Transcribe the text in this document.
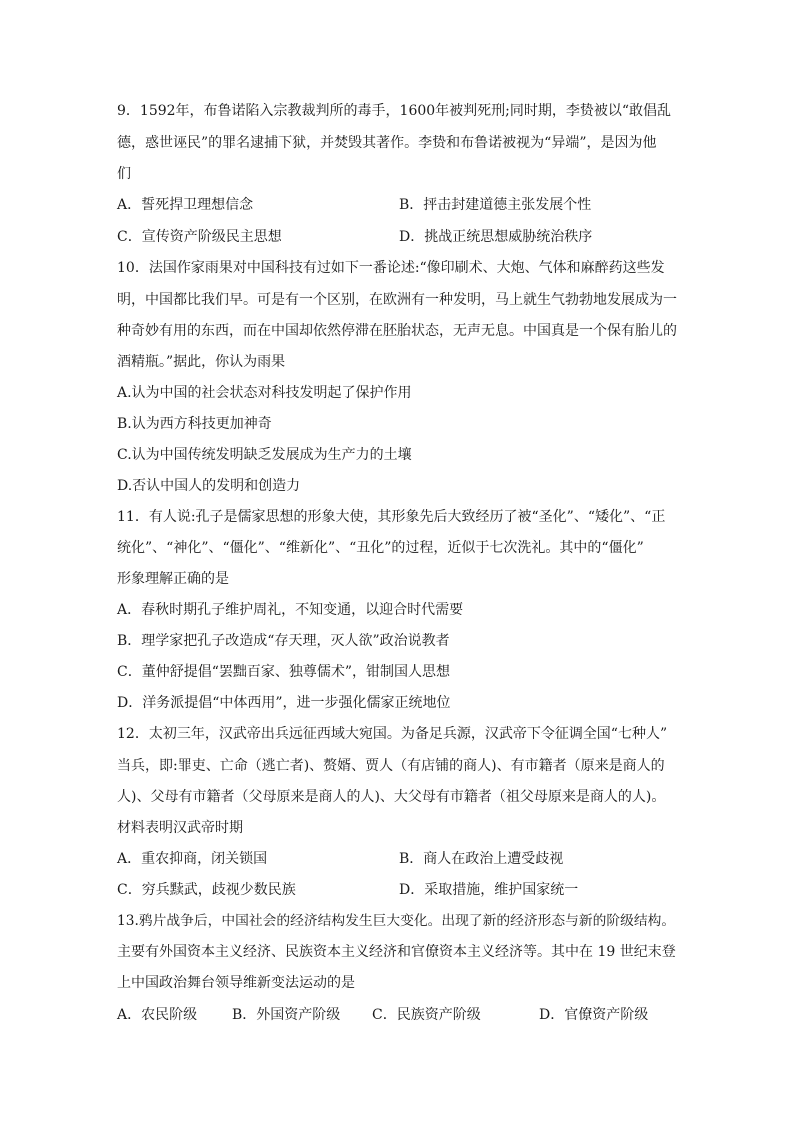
9．1592年，布鲁诺陷入宗教裁判所的毒手，1600年被判死刑;同时期，李贽被以“敢倡乱
德，惑世诬民”的罪名逮捕下狱，并焚毁其著作。李贽和布鲁诺被视为“异端”，是因为他
们
A．誓死捍卫理想信念	B．抨击封建道德主张发展个性
C．宣传资产阶级民主思想	D．挑战正统思想威胁统治秩序
10．法国作家雨果对中国科技有过如下一番论述:“像印刷术、大炮、气体和麻醉药这些发
明，中国都比我们早。可是有一个区别，在欧洲有一种发明，马上就生气勃勃地发展成为一
种奇妙有用的东西，而在中国却依然停滞在胚胎状态，无声无息。中国真是一个保有胎儿的
酒精瓶。”据此，你认为雨果
A.认为中国的社会状态对科技发明起了保护作用
B.认为西方科技更加神奇
C.认为中国传统发明缺乏发展成为生产力的土壤
D.否认中国人的发明和创造力
11．有人说:孔子是儒家思想的形象大使，其形象先后大致经历了被“圣化”、“矮化”、“正
统化”、“神化”、“僵化”、“维新化”、“丑化”的过程，近似于七次洗礼。其中的“僵化”
形象理解正确的是
A．春秋时期孔子维护周礼，不知变通，以迎合时代需要
B．理学家把孔子改造成“存天理，灭人欲”政治说教者
C．董仲舒提倡“罢黜百家、独尊儒术”，钳制国人思想
D．洋务派提倡“中体西用”，进一步强化儒家正统地位
12．太初三年，汉武帝出兵远征西域大宛国。为备足兵源，汉武帝下令征调全国“七种人”
当兵，即:罪吏、亡命（逃亡者)、赘婿、贾人（有店铺的商人)、有市籍者（原来是商人的
人)、父母有市籍者（父母原来是商人的人)、大父母有市籍者（祖父母原来是商人的人)。
材料表明汉武帝时期
A．重农抑商，闭关锁国	B．商人在政治上遭受歧视
C．穷兵黩武，歧视少数民族	D．采取措施，维护国家统一
13.鸦片战争后，中国社会的经济结构发生巨大变化。出现了新的经济形态与新的阶级结构。
主要有外国资本主义经济、民族资本主义经济和官僚资本主义经济等。其中在 19 世纪末登
上中国政治舞台领导维新变法运动的是
A．农民阶级 B．外国资产阶级 C．民族资产阶级	D．官僚资产阶级
